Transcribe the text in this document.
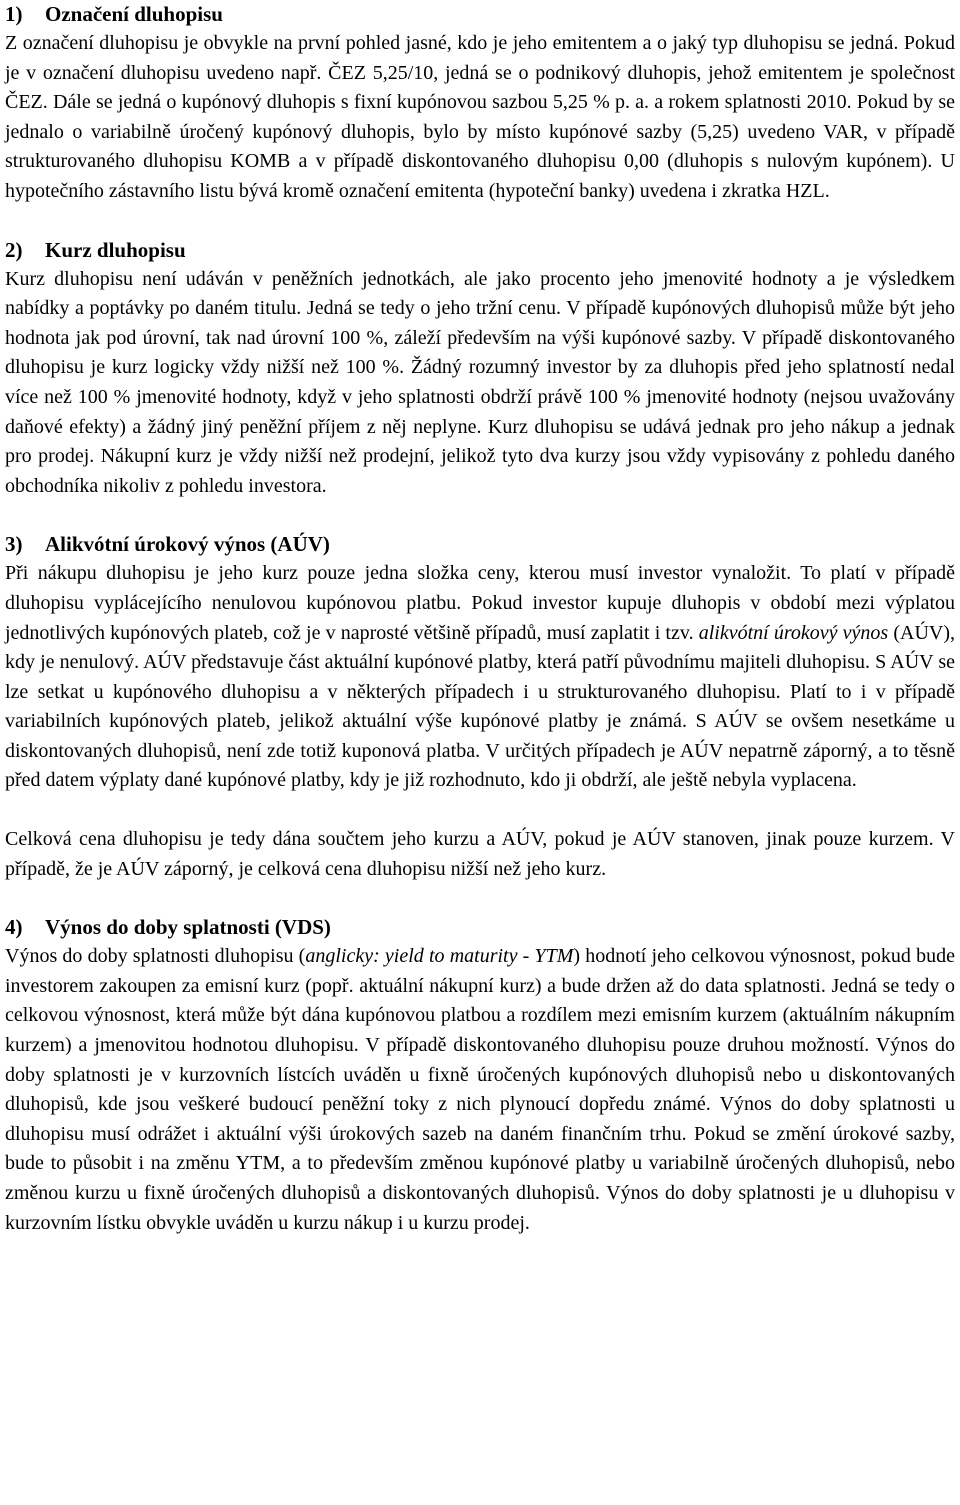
1) Označení dluhopisu

Z označení dluhopisu je obvykle na první pohled jasné, kdo je jeho emitentem a o jaký typ dluhopisu se jedná. Pokud je v označení dluhopisu uvedeno např. ČEZ 5,25/10, jedná se o podnikový dluhopis, jehož emitentem je společnost ČEZ. Dále se jedná o kupónový dluhopis s fixní kupónovou sazbou 5,25 % p. a. a rokem splatnosti 2010. Pokud by se jednalo o variabilně úročený kupónový dluhopis, bylo by místo kupónové sazby (5,25) uvedeno VAR, v případě strukturovaného dluhopisu KOMB a v případě diskontovaného dluhopisu 0,00 (dluhopis s nulovým kupónem). U hypotečního zástavního listu bývá kromě označení emitenta (hypoteční banky) uvedena i zkratka HZL.

2) Kurz dluhopisu

Kurz dluhopisu není udáván v peněžních jednotkách, ale jako procento jeho jmenovité hodnoty a je výsledkem nabídky a poptávky po daném titulu. Jedná se tedy o jeho tržní cenu. V případě kupónových dluhopisů může být jeho hodnota jak pod úrovní, tak nad úrovní 100 %, záleží především na výši kupónové sazby. V případě diskontovaného dluhopisu je kurz logicky vždy nižší než 100 %. Žádný rozumný investor by za dluhopis před jeho splatností nedal více než 100 % jmenovité hodnoty, když v jeho splatnosti obdrží právě 100 % jmenovité hodnoty (nejsou uvažovány daňové efekty) a žádný jiný peněžní příjem z něj neplyne. Kurz dluhopisu se udává jednak pro jeho nákup a jednak pro prodej. Nákupní kurz je vždy nižší než prodejní, jelikož tyto dva kurzy jsou vždy vypisovány z pohledu daného obchodníka nikoliv z pohledu investora.

3) Alikvótní úrokový výnos (AÚV)

Při nákupu dluhopisu je jeho kurz pouze jedna složka ceny, kterou musí investor vynaložit. To platí v případě dluhopisu vyplácejícího nenulovou kupónovou platbu. Pokud investor kupuje dluhopis v období mezi výplatou jednotlivých kupónových plateb, což je v naprosté většině případů, musí zaplatit i tzv. alikvótní úrokový výnos (AÚV), kdy je nenulový. AÚV představuje část aktuální kupónové platby, která patří původnímu majiteli dluhopisu. S AÚV se lze setkat u kupónového dluhopisu a v některých případech i u strukturovaného dluhopisu. Platí to i v případě variabilních kupónových plateb, jelikož aktuální výše kupónové platby je známá. S AÚV se ovšem nesetkáme u diskontovaných dluhopisů, není zde totiž kuponová platba. V určitých případech je AÚV nepatrně záporný, a to těsně před datem výplaty dané kupónové platby, kdy je již rozhodnuto, kdo ji obdrží, ale ještě nebyla vyplacena.

Celková cena dluhopisu je tedy dána součtem jeho kurzu a AÚV, pokud je AÚV stanoven, jinak pouze kurzem. V případě, že je AÚV záporný, je celková cena dluhopisu nižší než jeho kurz.

4) Výnos do doby splatnosti (VDS)

Výnos do doby splatnosti dluhopisu (anglicky: yield to maturity - YTM) hodnotí jeho celkovou výnosnost, pokud bude investorem zakoupen za emisní kurz (popř. aktuální nákupní kurz) a bude držen až do data splatnosti. Jedná se tedy o celkovou výnosnost, která může být dána kupónovou platbou a rozdílem mezi emisním kurzem (aktuálním nákupním kurzem) a jmenovitou hodnotou dluhopisu. V případě diskontovaného dluhopisu pouze druhou možností. Výnos do doby splatnosti je v kurzovních lístcích uváděn u fixně úročených kupónových dluhopisů nebo u diskontovaných dluhopisů, kde jsou veškeré budoucí peněžní toky z nich plynoucí dopředu známé. Výnos do doby splatnosti u dluhopisu musí odrážet i aktuální výši úrokových sazeb na daném finančním trhu. Pokud se změní úrokové sazby, bude to působit i na změnu YTM, a to především změnou kupónové platby u variabilně úročených dluhopisů, nebo změnou kurzu u fixně úročených dluhopisů a diskontovaných dluhopisů. Výnos do doby splatnosti je u dluhopisu v kurzovním lístku obvykle uváděn u kurzu nákup i u kurzu prodej.
